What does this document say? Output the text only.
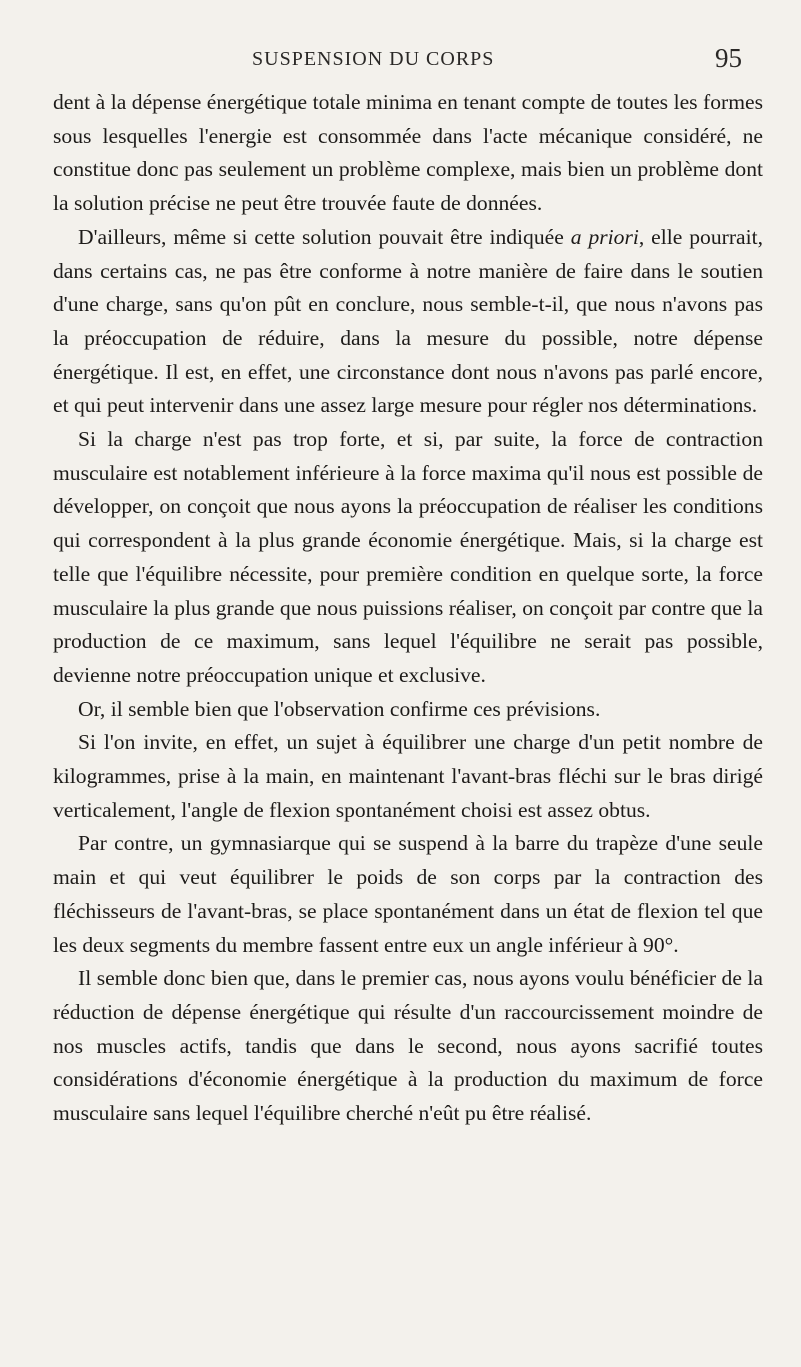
SUSPENSION DU CORPS	95

dent à la dépense énergétique totale minima en tenant compte de toutes les formes sous lesquelles l'energie est consommée dans l'acte mécanique considéré, ne constitue donc pas seulement un problème complexe, mais bien un problème dont la solution précise ne peut être trouvée faute de données.

D'ailleurs, même si cette solution pouvait être indiquée a priori, elle pourrait, dans certains cas, ne pas être conforme à notre manière de faire dans le soutien d'une charge, sans qu'on pût en conclure, nous semble-t-il, que nous n'avons pas la préoccupation de réduire, dans la mesure du possible, notre dépense énergétique. Il est, en effet, une circonstance dont nous n'avons pas parlé encore, et qui peut intervenir dans une assez large mesure pour régler nos déterminations.

Si la charge n'est pas trop forte, et si, par suite, la force de contraction musculaire est notablement inférieure à la force maxima qu'il nous est possible de développer, on conçoit que nous ayons la préoccupation de réaliser les conditions qui correspondent à la plus grande économie énergétique. Mais, si la charge est telle que l'équilibre nécessite, pour première condition en quelque sorte, la force musculaire la plus grande que nous puissions réaliser, on conçoit par contre que la production de ce maximum, sans lequel l'équilibre ne serait pas possible, devienne notre préoccupation unique et exclusive.

Or, il semble bien que l'observation confirme ces prévisions.

Si l'on invite, en effet, un sujet à équilibrer une charge d'un petit nombre de kilogrammes, prise à la main, en maintenant l'avant-bras fléchi sur le bras dirigé verticalement, l'angle de flexion spontanément choisi est assez obtus.

Par contre, un gymnasiarque qui se suspend à la barre du trapèze d'une seule main et qui veut équilibrer le poids de son corps par la contraction des fléchisseurs de l'avant-bras, se place spontanément dans un état de flexion tel que les deux segments du membre fassent entre eux un angle inférieur à 90°.

Il semble donc bien que, dans le premier cas, nous ayons voulu bénéficier de la réduction de dépense énergétique qui résulte d'un raccourcissement moindre de nos muscles actifs, tandis que dans le second, nous ayons sacrifié toutes considérations d'économie énergétique à la production du maximum de force musculaire sans lequel l'équilibre cherché n'eût pu être réalisé.
